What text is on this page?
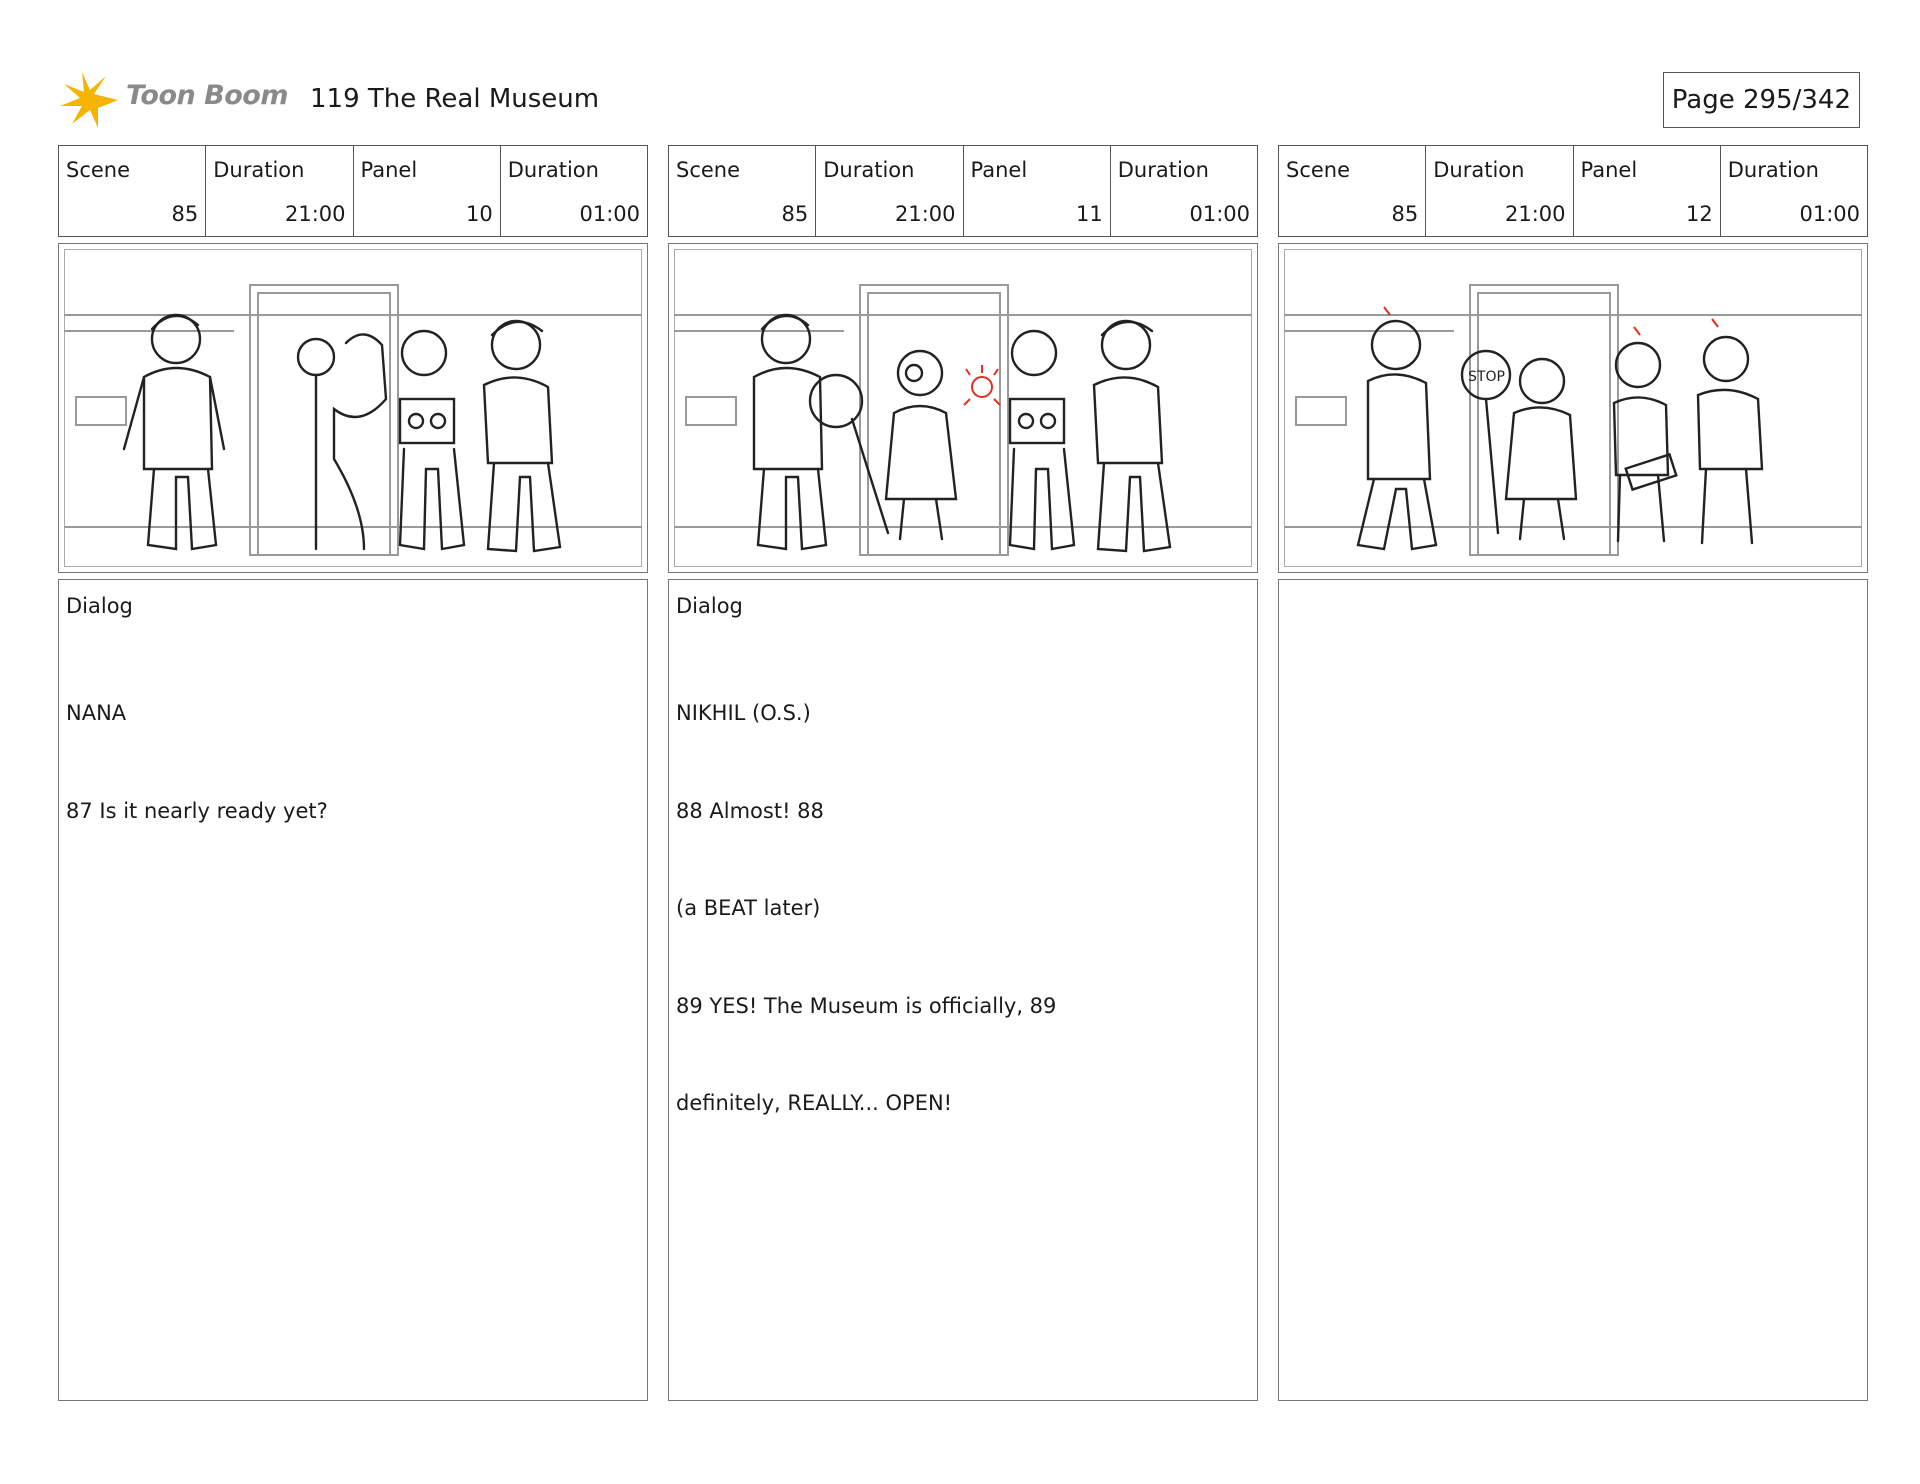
Toon Boom 119 The Real Museum	Page 295/342
Scene
85
Duration
21:00
Panel
10
Duration
01:00
Dialog

NANA

87 Is it nearly ready yet?

Scene
85
Duration
21:00
Panel
11
Duration
01:00
Dialog

NIKHIL (O.S.)

88 Almost! 88

(a BEAT later)

89 YES! The Museum is officially, 89

definitely, REALLY... OPEN!

Scene
85
Duration
21:00
Panel
12
Duration
01:00
STOP
